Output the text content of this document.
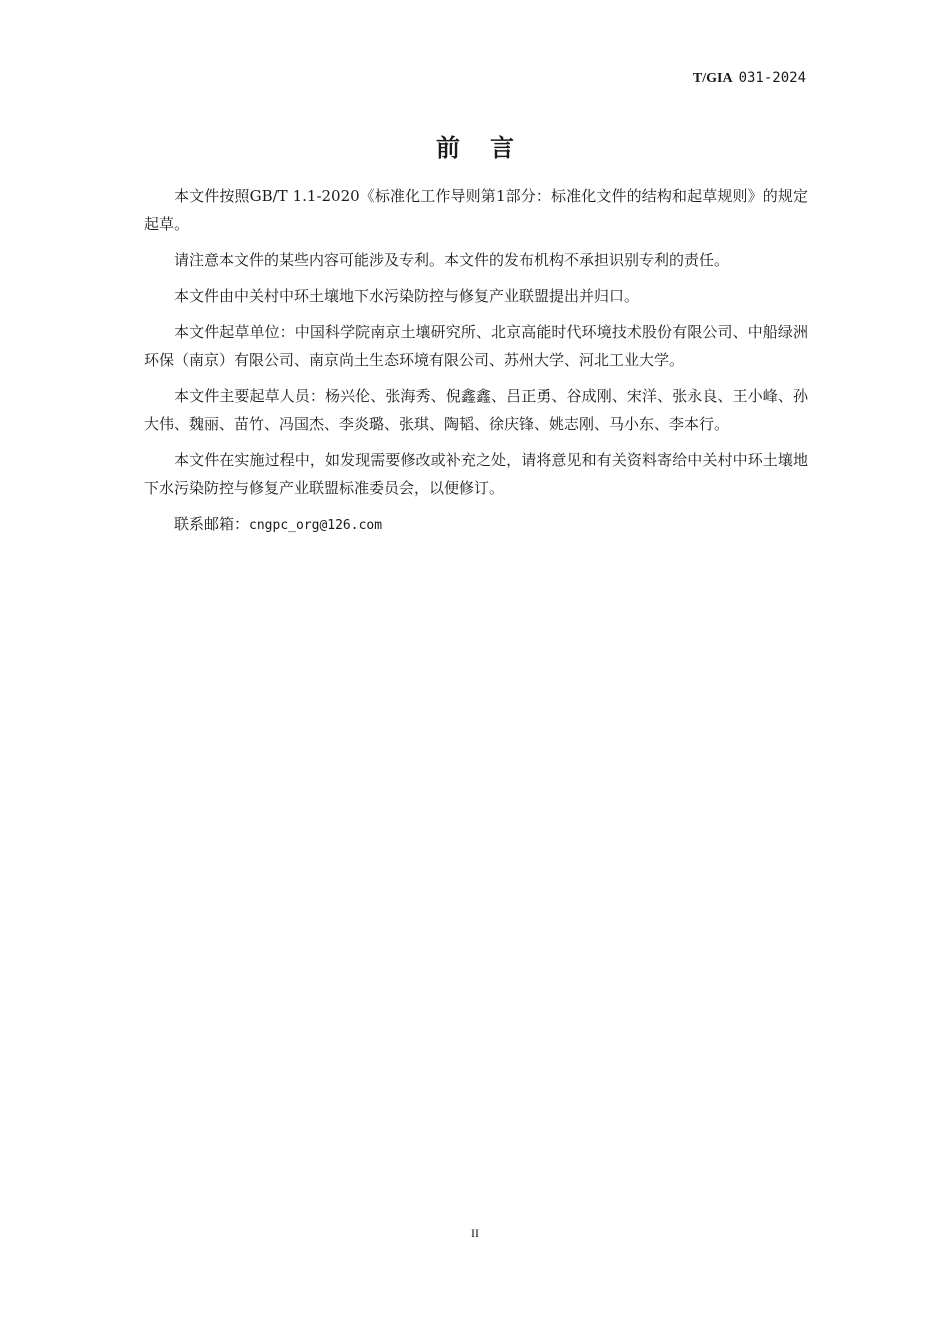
T/GIA 031-2024
前言

本文件按照GB/T 1.1-2020《标准化工作导则第1部分：标准化文件的结构和起草规则》的规定起草。

请注意本文件的某些内容可能涉及专利。本文件的发布机构不承担识别专利的责任。

本文件由中关村中环土壤地下水污染防控与修复产业联盟提出并归口。

本文件起草单位：中国科学院南京土壤研究所、北京高能时代环境技术股份有限公司、中船绿洲环保（南京）有限公司、南京尚土生态环境有限公司、苏州大学、河北工业大学。

本文件主要起草人员：杨兴伦、张海秀、倪鑫鑫、吕正勇、谷成刚、宋洋、张永良、王小峰、孙大伟、魏丽、苗竹、冯国杰、李炎璐、张琪、陶韬、徐庆锋、姚志刚、马小东、李本行。

本文件在实施过程中，如发现需要修改或补充之处，请将意见和有关资料寄给中关村中环土壤地下水污染防控与修复产业联盟标准委员会，以便修订。

联系邮箱：cngpc_org@126.com

II
